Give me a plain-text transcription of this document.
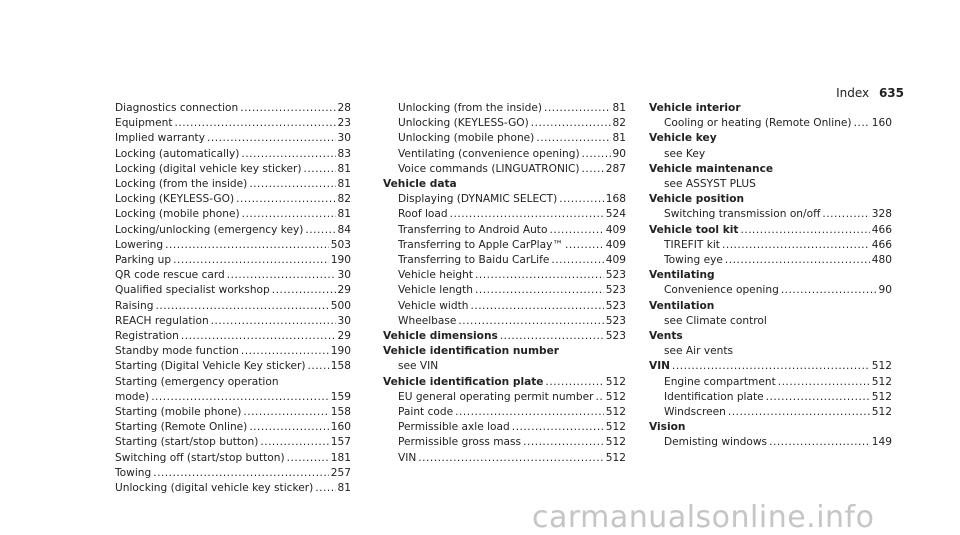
Index 635
Diagnostics connection .....	28
Equipment .....	23
Implied warranty .....	30
Locking (automatically) .....	83
Locking (digital vehicle key sticker) .....	81
Locking (from the inside) .....	81
Locking (KEYLESS-GO) .....	82
Locking (mobile phone) .....	81
Locking/unlocking (emergency key) .....	84
Lowering .....	503
Parking up .....	190
QR code rescue card .....	30
Qualified specialist workshop .....	29
Raising .....	500
REACH regulation .....	30
Registration .....	29
Standby mode function .....	190
Starting (Digital Vehicle Key sticker) ..... 158
Starting (emergency operation
mode) .....	159
Starting (mobile phone) .....	158
Starting (Remote Online) .....	160
Starting (start/stop button) .....	157
Switching off (start/stop button) .....	181
Towing .....	257
Unlocking (digital vehicle key sticker) ..... 81
Unlocking (from the inside) .....	81
Unlocking (KEYLESS-GO) .....	82
Unlocking (mobile phone) .....	81
Ventilating (convenience opening) .....	90
Voice commands (LINGUATRONIC) ..... 287
Vehicle data
Displaying (DYNAMIC SELECT) .....	168
Roof load .....	524
Transferring to Android Auto .....	409
Transferring to Apple CarPlay™ .....	409
Transferring to Baidu CarLife .....	409
Vehicle height .....	523
Vehicle length .....	523
Vehicle width .....	523
Wheelbase .....	523
Vehicle dimensions .....	523
Vehicle identification number
see VIN
Vehicle identification plate .....	512
EU general operating permit number ..... 512
Paint code .....	512
Permissible axle load .....	512
Permissible gross mass .....	512
VIN .....	512
Vehicle interior
Cooling or heating (Remote Online) ..... 160
Vehicle key
see Key
Vehicle maintenance
see ASSYST PLUS
Vehicle position
Switching transmission on/off .....	328
Vehicle tool kit .....	466
TIREFIT kit .....	466
Towing eye .....	480
Ventilating
Convenience opening .....	90
Ventilation
see Climate control
Vents
see Air vents
VIN .....	512
Engine compartment .....	512
Identification plate .....	512
Windscreen .....	512
Vision
Demisting windows .....	149
carmanualsonline.info
